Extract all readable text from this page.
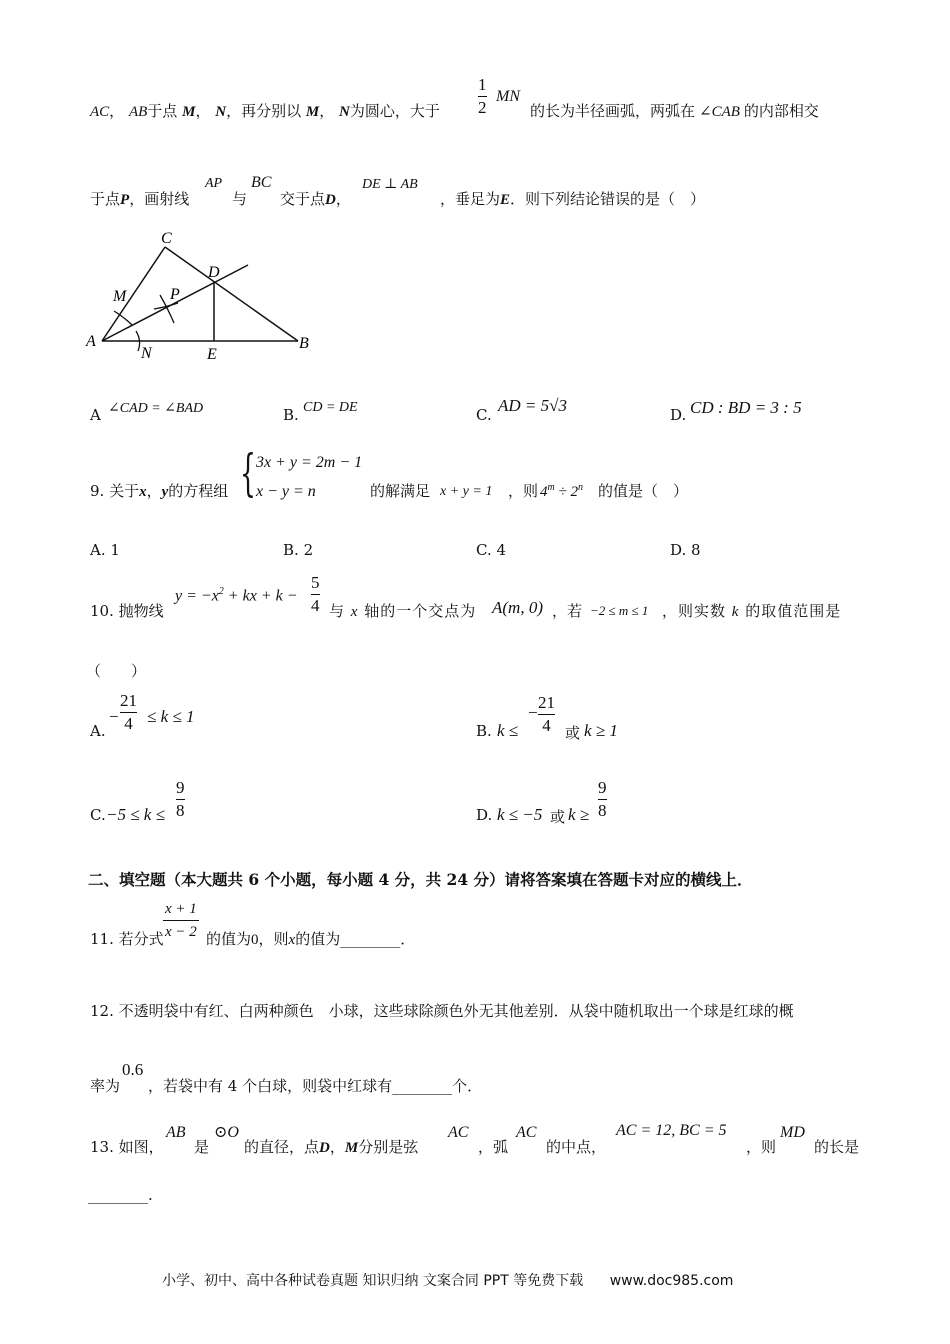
AC， AB于点 M， N，再分别以 M， N为圆心，大于 $\frac{1}{2}$ MN
的长为半径画弧，两弧在 ∠CAB 的内部相交
于点P，画射线
AP
与
BC
交于点D，
DE ⊥ AB
，垂足为E．则下列结论错误的是（　）
C
D
M	P
A
N	E
B
A ∠CAD = ∠BAD	B. CD = DE	C. AD = 5√3	D. CD : BD = 3 : 5
9. 关于x，y的方程组 { 3x + y = 2m − 1
x − y = n	的解满足 x + y = 1 ，则 $4^m \div 2^n$ 的值是（　）
A. 1	B. 2	C. 4	D. 8
10. 抛物线
$y = -x^2$ + kx + $k - \frac{5}{4}$ 与 x 轴的一个交点为 A(m, 0) ，若 −2 ≤ m ≤ 1 ，则实数 k 的取值范围是
（　　）
A.
− $\frac{21}{4} \le k \le 1$
B. k ≤
− $\frac{21}{4}$ 或 k ≥ 1
C. $-5 \le k \le \frac{9}{8}$	D. k ≤ −5 或 $k \ge \frac{9}{8}$
二、填空题（本大题共 6 个小题，每小题 4 分，共 24 分）请将答案填在答题卡对应的横线上．
11. 若分式 $\frac{x + 1}{x - 2}$ 的值为0，则x的值为________．
12. 不透明袋中有红、白两种颜色　小球，这些球除颜色外无其他差别．从袋中随机取出一个球是红球的概
率为
0.6
，若袋中有 4 个白球，则袋中红球有________个．
13. 如图，
AB
是
⊙O
的直径，点D，M分别是弦
AC
，弧
AC
的中点，
AC = 12, BC = 5
，则
MD
的长是
________.
小学、初中、高中各种试卷真题 知识归纳 文案合同 PPT 等免费下载 www.doc985.com
